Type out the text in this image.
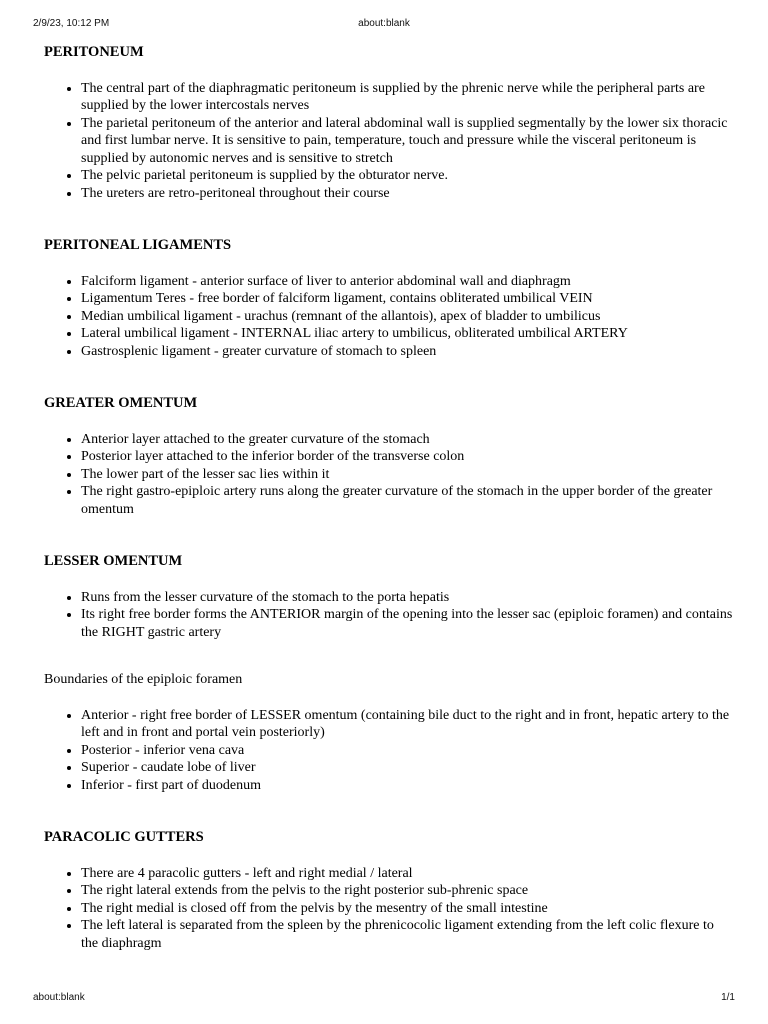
2/9/23, 10:12 PM	about:blank
PERITONEUM
• The central part of the diaphragmatic peritoneum is supplied by the phrenic nerve while the peripheral parts are supplied by the lower intercostals nerves
• The parietal peritoneum of the anterior and lateral abdominal wall is supplied segmentally by the lower six thoracic and first lumbar nerve. It is sensitive to pain, temperature, touch and pressure while the visceral peritoneum is supplied by autonomic nerves and is sensitive to stretch
• The pelvic parietal peritoneum is supplied by the obturator nerve.
• The ureters are retro-peritoneal throughout their course
PERITONEAL LIGAMENTS
• Falciform ligament - anterior surface of liver to anterior abdominal wall and diaphragm
• Ligamentum Teres - free border of falciform ligament, contains obliterated umbilical VEIN
• Median umbilical ligament - urachus (remnant of the allantois), apex of bladder to umbilicus
• Lateral umbilical ligament - INTERNAL iliac artery to umbilicus, obliterated umbilical ARTERY
• Gastrosplenic ligament - greater curvature of stomach to spleen
GREATER OMENTUM
• Anterior layer attached to the greater curvature of the stomach
• Posterior layer attached to the inferior border of the transverse colon
• The lower part of the lesser sac lies within it
• The right gastro-epiploic artery runs along the greater curvature of the stomach in the upper border of the greater omentum
LESSER OMENTUM
• Runs from the lesser curvature of the stomach to the porta hepatis
• Its right free border forms the ANTERIOR margin of the opening into the lesser sac (epiploic foramen) and contains the RIGHT gastric artery
Boundaries of the epiploic foramen
• Anterior - right free border of LESSER omentum (containing bile duct to the right and in front, hepatic artery to the left and in front and portal vein posteriorly)
• Posterior - inferior vena cava
• Superior - caudate lobe of liver
• Inferior - first part of duodenum
PARACOLIC GUTTERS
• There are 4 paracolic gutters - left and right medial / lateral
• The right lateral extends from the pelvis to the right posterior sub-phrenic space
• The right medial is closed off from the pelvis by the mesentry of the small intestine
• The left lateral is separated from the spleen by the phrenicocolic ligament extending from the left colic flexure to the diaphragm
about:blank	1/1
